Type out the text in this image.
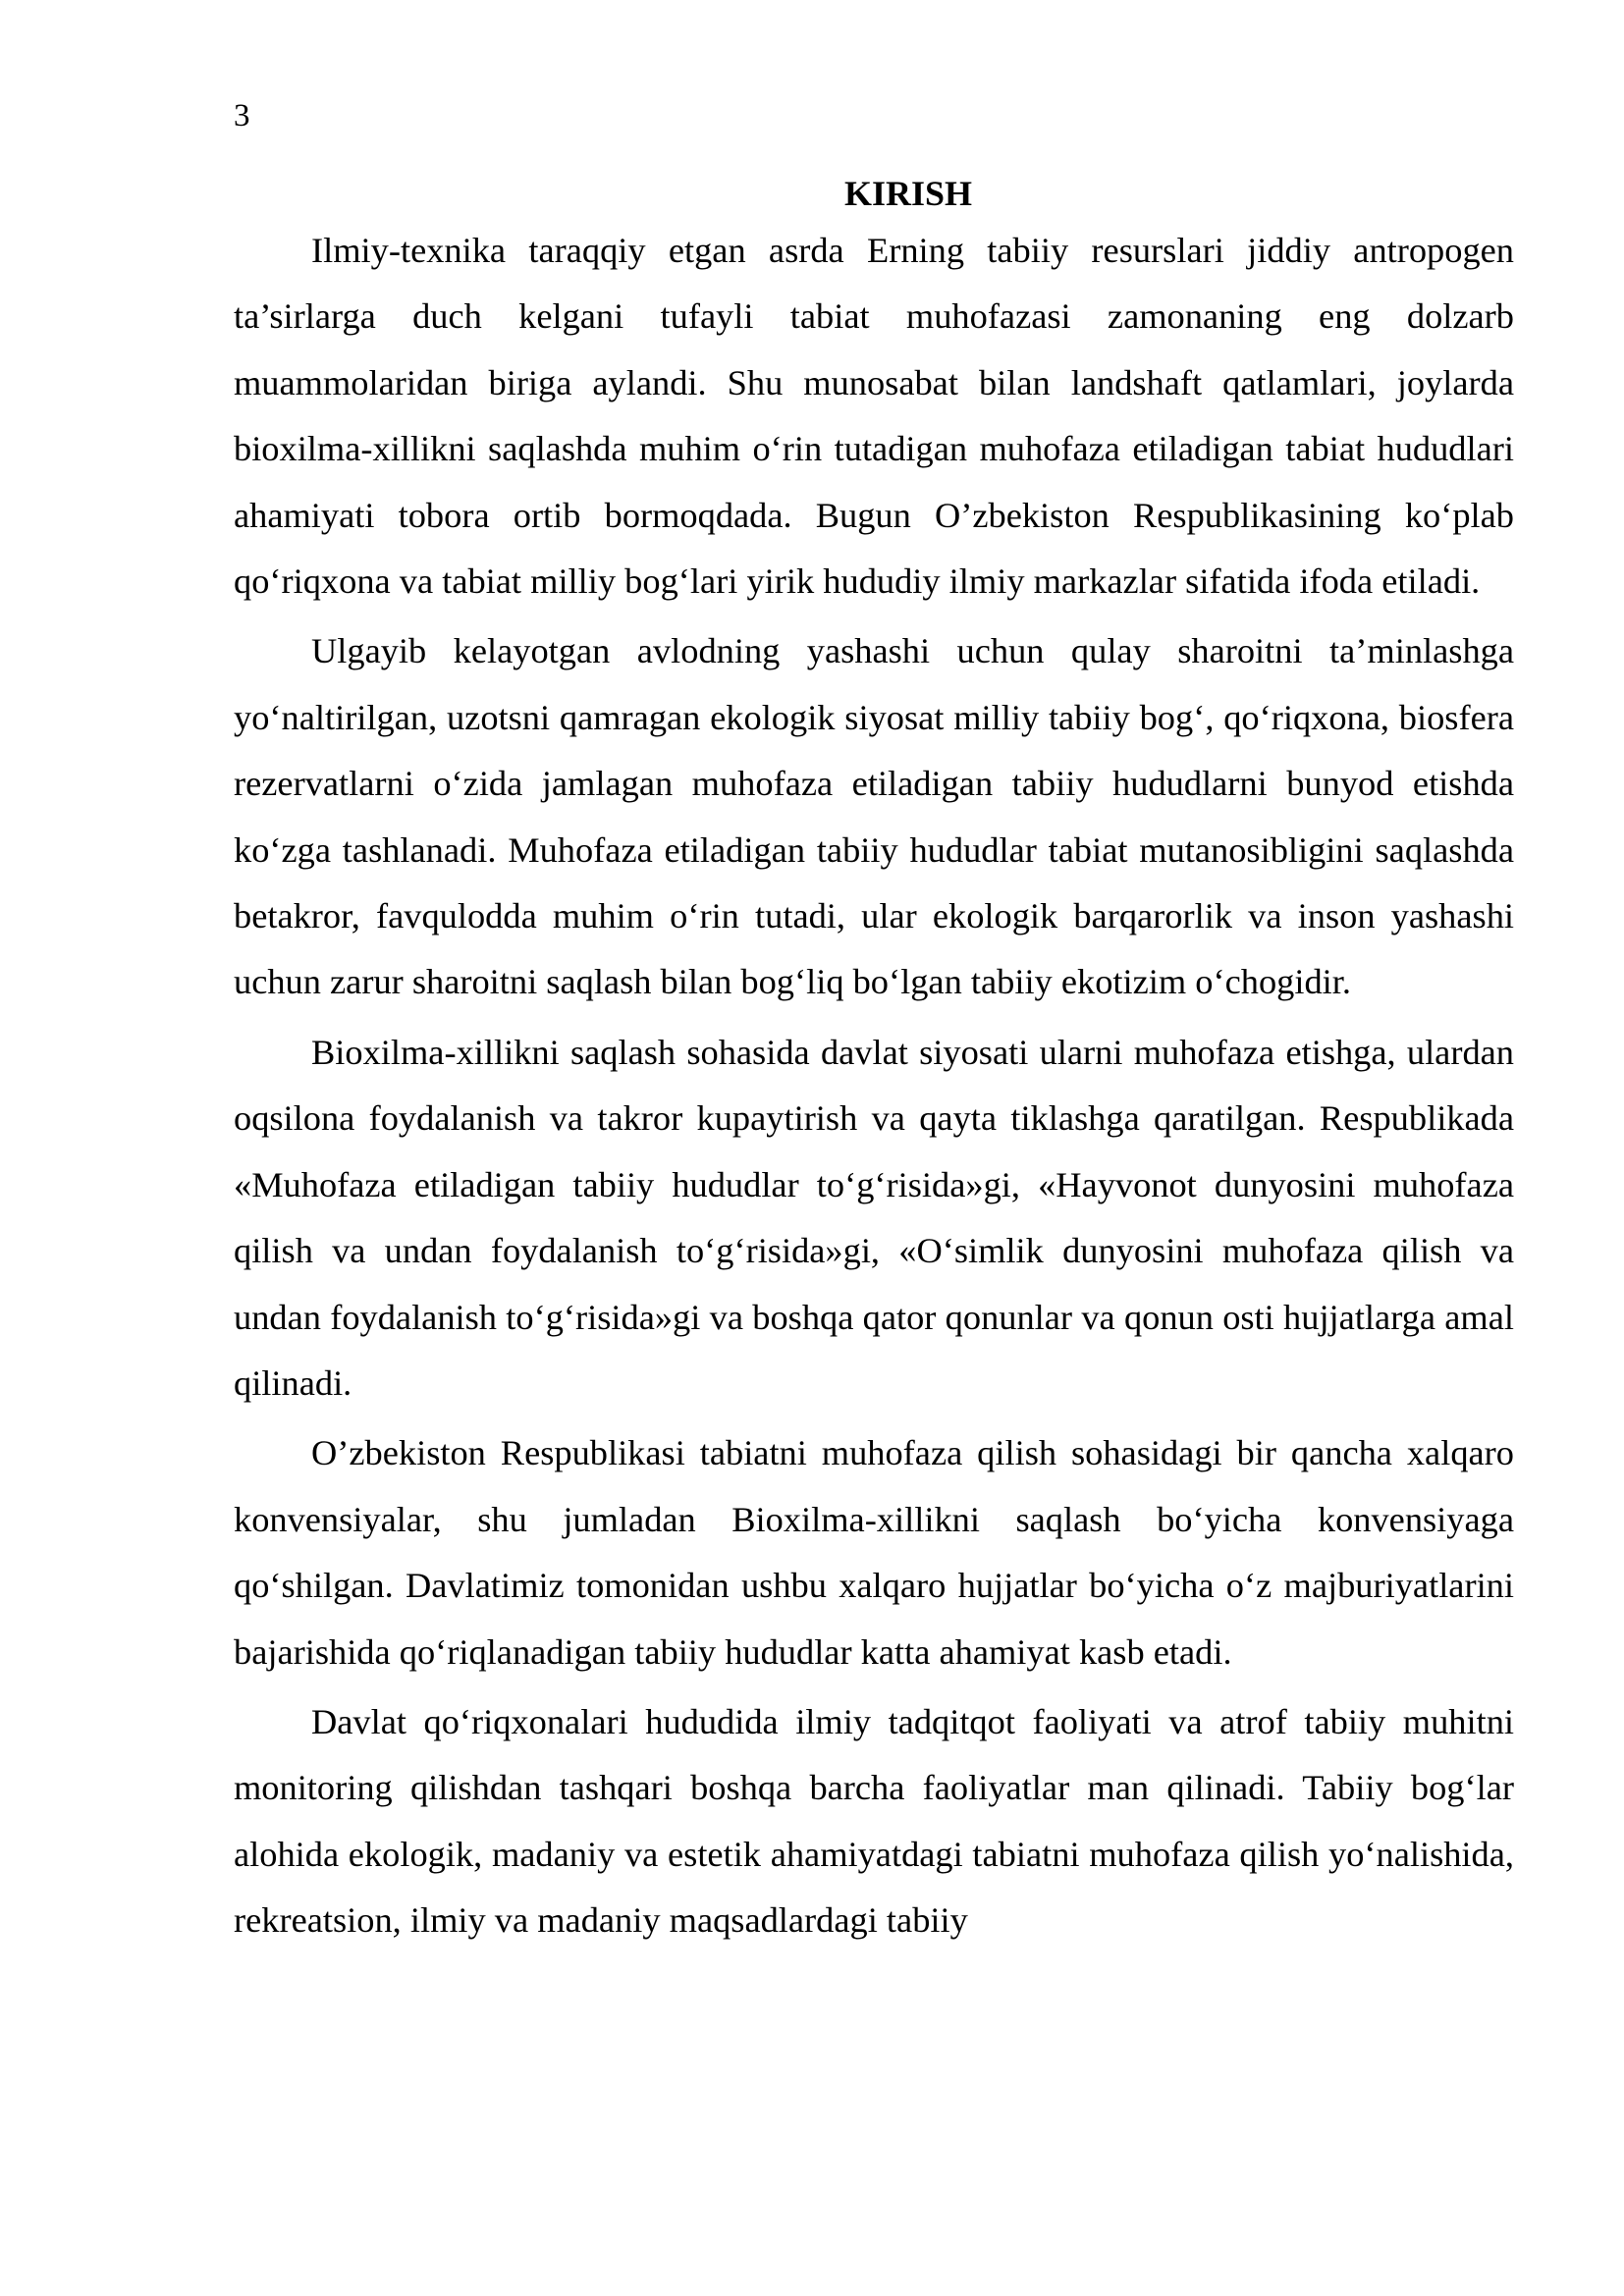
3
KIRISH

Ilmiy-texnika taraqqiy etgan asrda Erning tabiiy resurslari jiddiy antropogen ta’sirlarga duch kelgani tufayli tabiat muhofazasi zamonaning eng dolzarb muammolaridan biriga aylandi. Shu munosabat bilan landshaft qatlamlari, joylarda bioxilma-xillikni saqlashda muhim o‘rin tutadigan muhofaza etiladigan tabiat hududlari ahamiyati tobora ortib bormoqdada. Bugun O’zbekiston Respublikasining ko‘plab qo‘riqxona va tabiat milliy bog‘lari yirik hududiy ilmiy markazlar sifatida ifoda etiladi.

Ulgayib kelayotgan avlodning yashashi uchun qulay sharoitni ta’minlashga yo‘naltirilgan, uzotsni qamragan ekologik siyosat milliy tabiiy bog‘, qo‘riqxona, biosfera rezervatlarni o‘zida jamlagan muhofaza etiladigan tabiiy hududlarni bunyod etishda ko‘zga tashlanadi. Muhofaza etiladigan tabiiy hududlar tabiat mutanosibligini saqlashda betakror, favqulodda muhim o‘rin tutadi, ular ekologik barqarorlik va inson yashashi uchun zarur sharoitni saqlash bilan bog‘liq bo‘lgan tabiiy ekotizim o‘chogidir.

Bioxilma-xillikni saqlash sohasida davlat siyosati ularni muhofaza etishga, ulardan oqsilona foydalanish va takror kupaytirish va qayta tiklashga qaratilgan. Respublikada «Muhofaza etiladigan tabiiy hududlar to‘g‘risida»gi, «Hayvonot dunyosini muhofaza qilish va undan foydalanish to‘g‘risida»gi, «O‘simlik dunyosini muhofaza qilish va undan foydalanish to‘g‘risida»gi va boshqa qator qonunlar va qonun osti hujjatlarga amal qilinadi.

O’zbekiston Respublikasi tabiatni muhofaza qilish sohasidagi bir qancha xalqaro konvensiyalar, shu jumladan Bioxilma-xillikni saqlash bo‘yicha konvensiyaga qo‘shilgan. Davlatimiz tomonidan ushbu xalqaro hujjatlar bo‘yicha o‘z majburiyatlarini bajarishida qo‘riqlanadigan tabiiy hududlar katta ahamiyat kasb etadi.

Davlat qo‘riqxonalari hududida ilmiy tadqitqot faoliyati va atrof tabiiy muhitni monitoring qilishdan tashqari boshqa barcha faoliyatlar man qilinadi. Tabiiy bog‘lar alohida ekologik, madaniy va estetik ahamiyatdagi tabiatni muhofaza qilish yo‘nalishida, rekreatsion, ilmiy va madaniy maqsadlardagi tabiiy
